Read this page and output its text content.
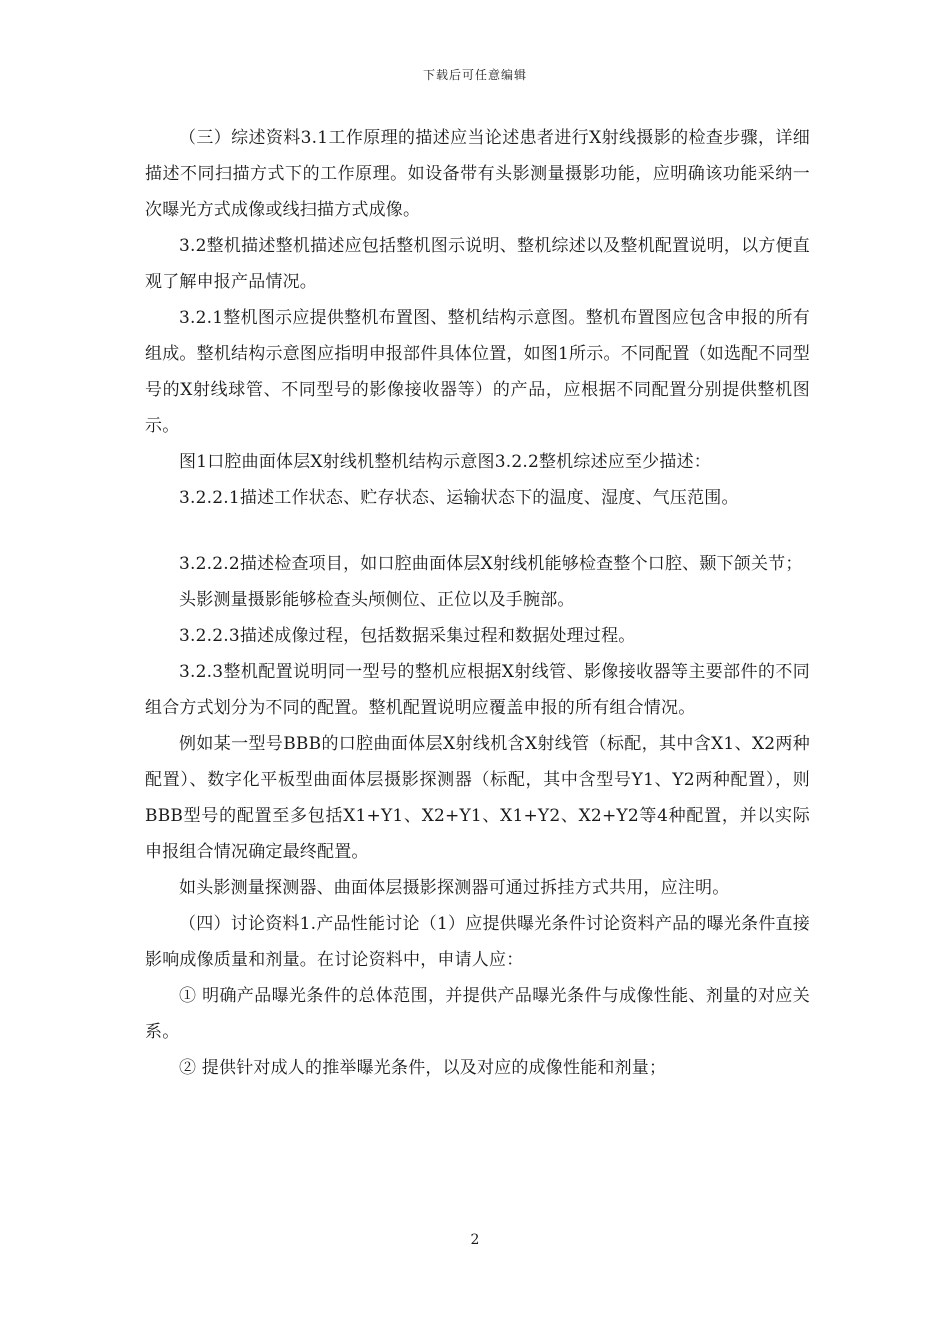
下载后可任意编辑

（三）综述资料3.1工作原理的描述应当论述患者进行X射线摄影的检查步骤，详细描述不同扫描方式下的工作原理。如设备带有头影测量摄影功能，应明确该功能采纳一次曝光方式成像或线扫描方式成像。

3.2整机描述整机描述应包括整机图示说明、整机综述以及整机配置说明，以方便直观了解申报产品情况。

3.2.1整机图示应提供整机布置图、整机结构示意图。整机布置图应包含申报的所有组成。整机结构示意图应指明申报部件具体位置，如图1所示。不同配置（如选配不同型号的X射线球管、不同型号的影像接收器等）的产品，应根据不同配置分别提供整机图示。

图1口腔曲面体层X射线机整机结构示意图3.2.2整机综述应至少描述：

3.2.2.1描述工作状态、贮存状态、运输状态下的温度、湿度、气压范围。

3.2.2.2描述检查项目，如口腔曲面体层X射线机能够检查整个口腔、颞下颌关节；

头影测量摄影能够检查头颅侧位、正位以及手腕部。

3.2.2.3描述成像过程，包括数据采集过程和数据处理过程。

3.2.3整机配置说明同一型号的整机应根据X射线管、影像接收器等主要部件的不同组合方式划分为不同的配置。整机配置说明应覆盖申报的所有组合情况。

例如某一型号BBB的口腔曲面体层X射线机含X射线管（标配，其中含X1、X2两种配置）、数字化平板型曲面体层摄影探测器（标配，其中含型号Y1、Y2两种配置），则BBB型号的配置至多包括X1+Y1、X2+Y1、X1+Y2、X2+Y2等4种配置，并以实际申报组合情况确定最终配置。

如头影测量探测器、曲面体层摄影探测器可通过拆挂方式共用，应注明。

（四）讨论资料1.产品性能讨论（1）应提供曝光条件讨论资料产品的曝光条件直接影响成像质量和剂量。在讨论资料中，申请人应：

① 明确产品曝光条件的总体范围，并提供产品曝光条件与成像性能、剂量的对应关系。

② 提供针对成人的推举曝光条件，以及对应的成像性能和剂量；

2
